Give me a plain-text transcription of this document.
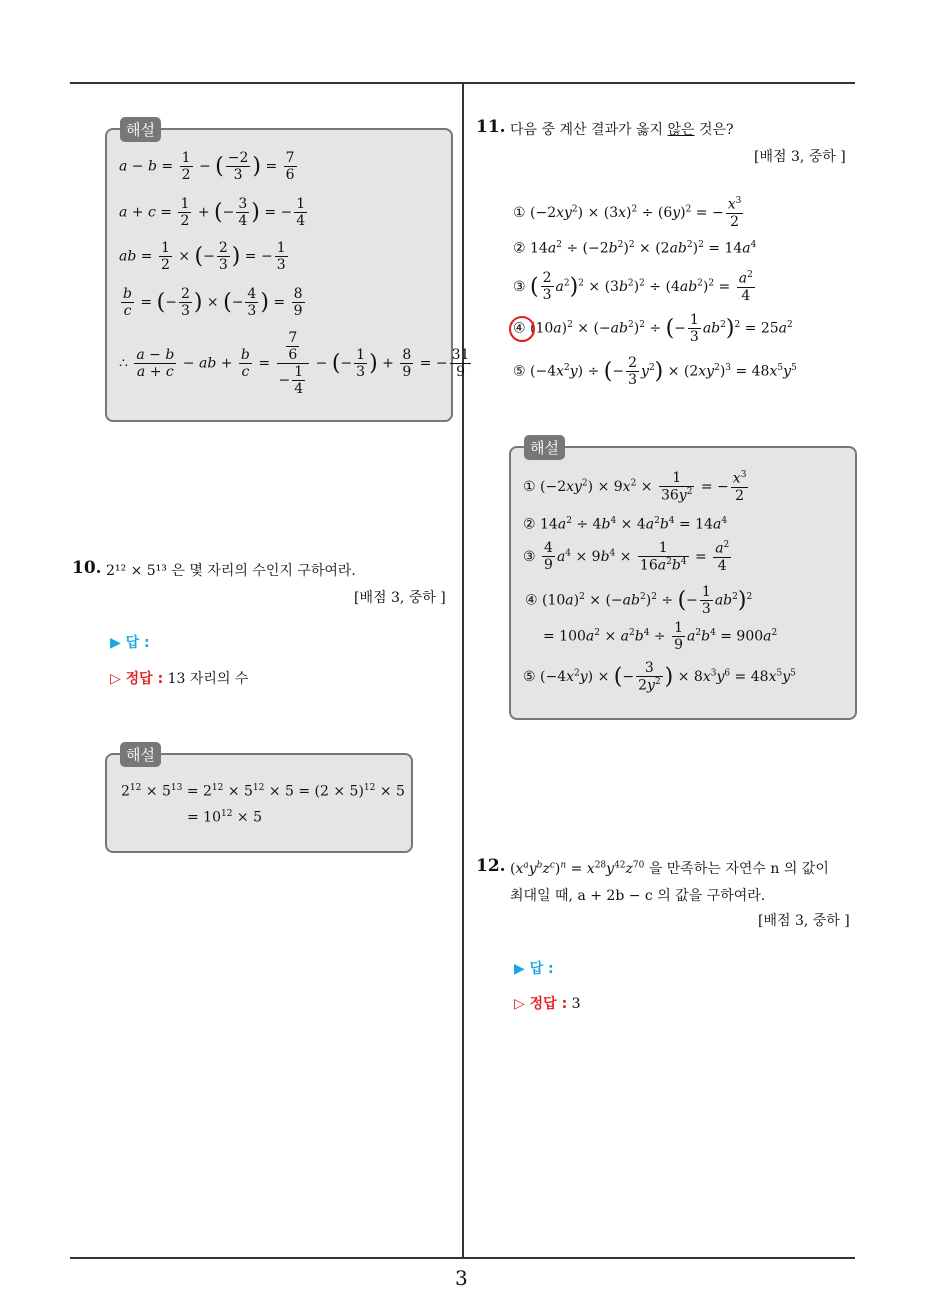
3
$a - b = \frac{1}{2}$ − ( $\frac{-2}{3}$ ) = $\frac{7}{6}$
$a + c = \frac{1}{2}$ + (− $\frac{3}{4}$ ) = − $\frac{1}{4}$
ab = $\frac{1}{2}$ × (− $\frac{2}{3}$ ) = − $\frac{1}{3}$
$\frac{b}{c}$ = (− $\frac{2}{3}$ ) × (− $\frac{4}{3}$ ) = $\frac{8}{9}$
∴ $\frac{a - b}{a + c}$ − ab + $\frac{b}{c} = \frac{\frac{7}{6}}{- \frac{1}{4}}$ − (− $\frac{1}{3}$ ) + $\frac{8}{9}$ = − $\frac{31}{9}$
해설
10. 2¹² × 5¹³ 은 몇 자리의 수인지 구하여라.
[배점 3, 중하 ]
▶ 답 :
▷ 정답 : 13 자리의 수
$2^{12} \times 5^{13} = 2^{12} \times 5^{12} \times 5 = (2 \times 5)^{12} \times 5$
= $10^{12} \times 5$
해설
11. 다음 중 계산 결과가 옳지 않은 것은?
[배점 3, 중하 ]
① $(-2xy^2) \times (3x)^2 \div (6y)^2$ = − $\frac{x^3}{2}$
② $14a^2 \div (-2b^2)^2 \times (2ab^2)^2 = 14a^4$
③ ( $\frac{2}{3} a^2)^2 \times (3b^2)^2 \div (4ab^2)^2 = \frac{a^2}{4}$
④ $(10a)^2 \times (-ab^2)^2$ ÷ (− $\frac{1}{3} ab^2)^2 = 25a^2$
⑤ $(-4x^2y)$ ÷ (− $\frac{2}{3} y^2) \times (2xy^2)^3 = 48x^5y^5$
① $(-2xy^2) \times 9x^2 \times \frac{1}{36y^2}$ = − $\frac{x^3}{2}$
② $14a^2 \div 4b^4 \times 4a^2b^4 = 14a^4$
③ $\frac{4}{9} a^4 \times 9b^4 \times \frac{1}{16a^2b^4} = \frac{a^2}{4}$
④ $(10a)^2 \times (-ab^2)^2$ ÷ (− $\frac{1}{3} ab^2)^2$
= $100a^2 \times a^2b^4 \div \frac{1}{9} a^2b^4 = 900a^2$
⑤ $(-4x^2y)$ × (− $\frac{3}{2y^2}$ ) × $8x^3y^6 = 48x^5y^5$
해설
12. $(x^ay^bz^c)^n = x^{28}y^{42}z^{70}$ 을 만족하는 자연수 n 의 값이
최대일 때, a + 2b − c 의 값을 구하여라.
[배점 3, 중하 ]
▶ 답 :
▷ 정답 : 3
